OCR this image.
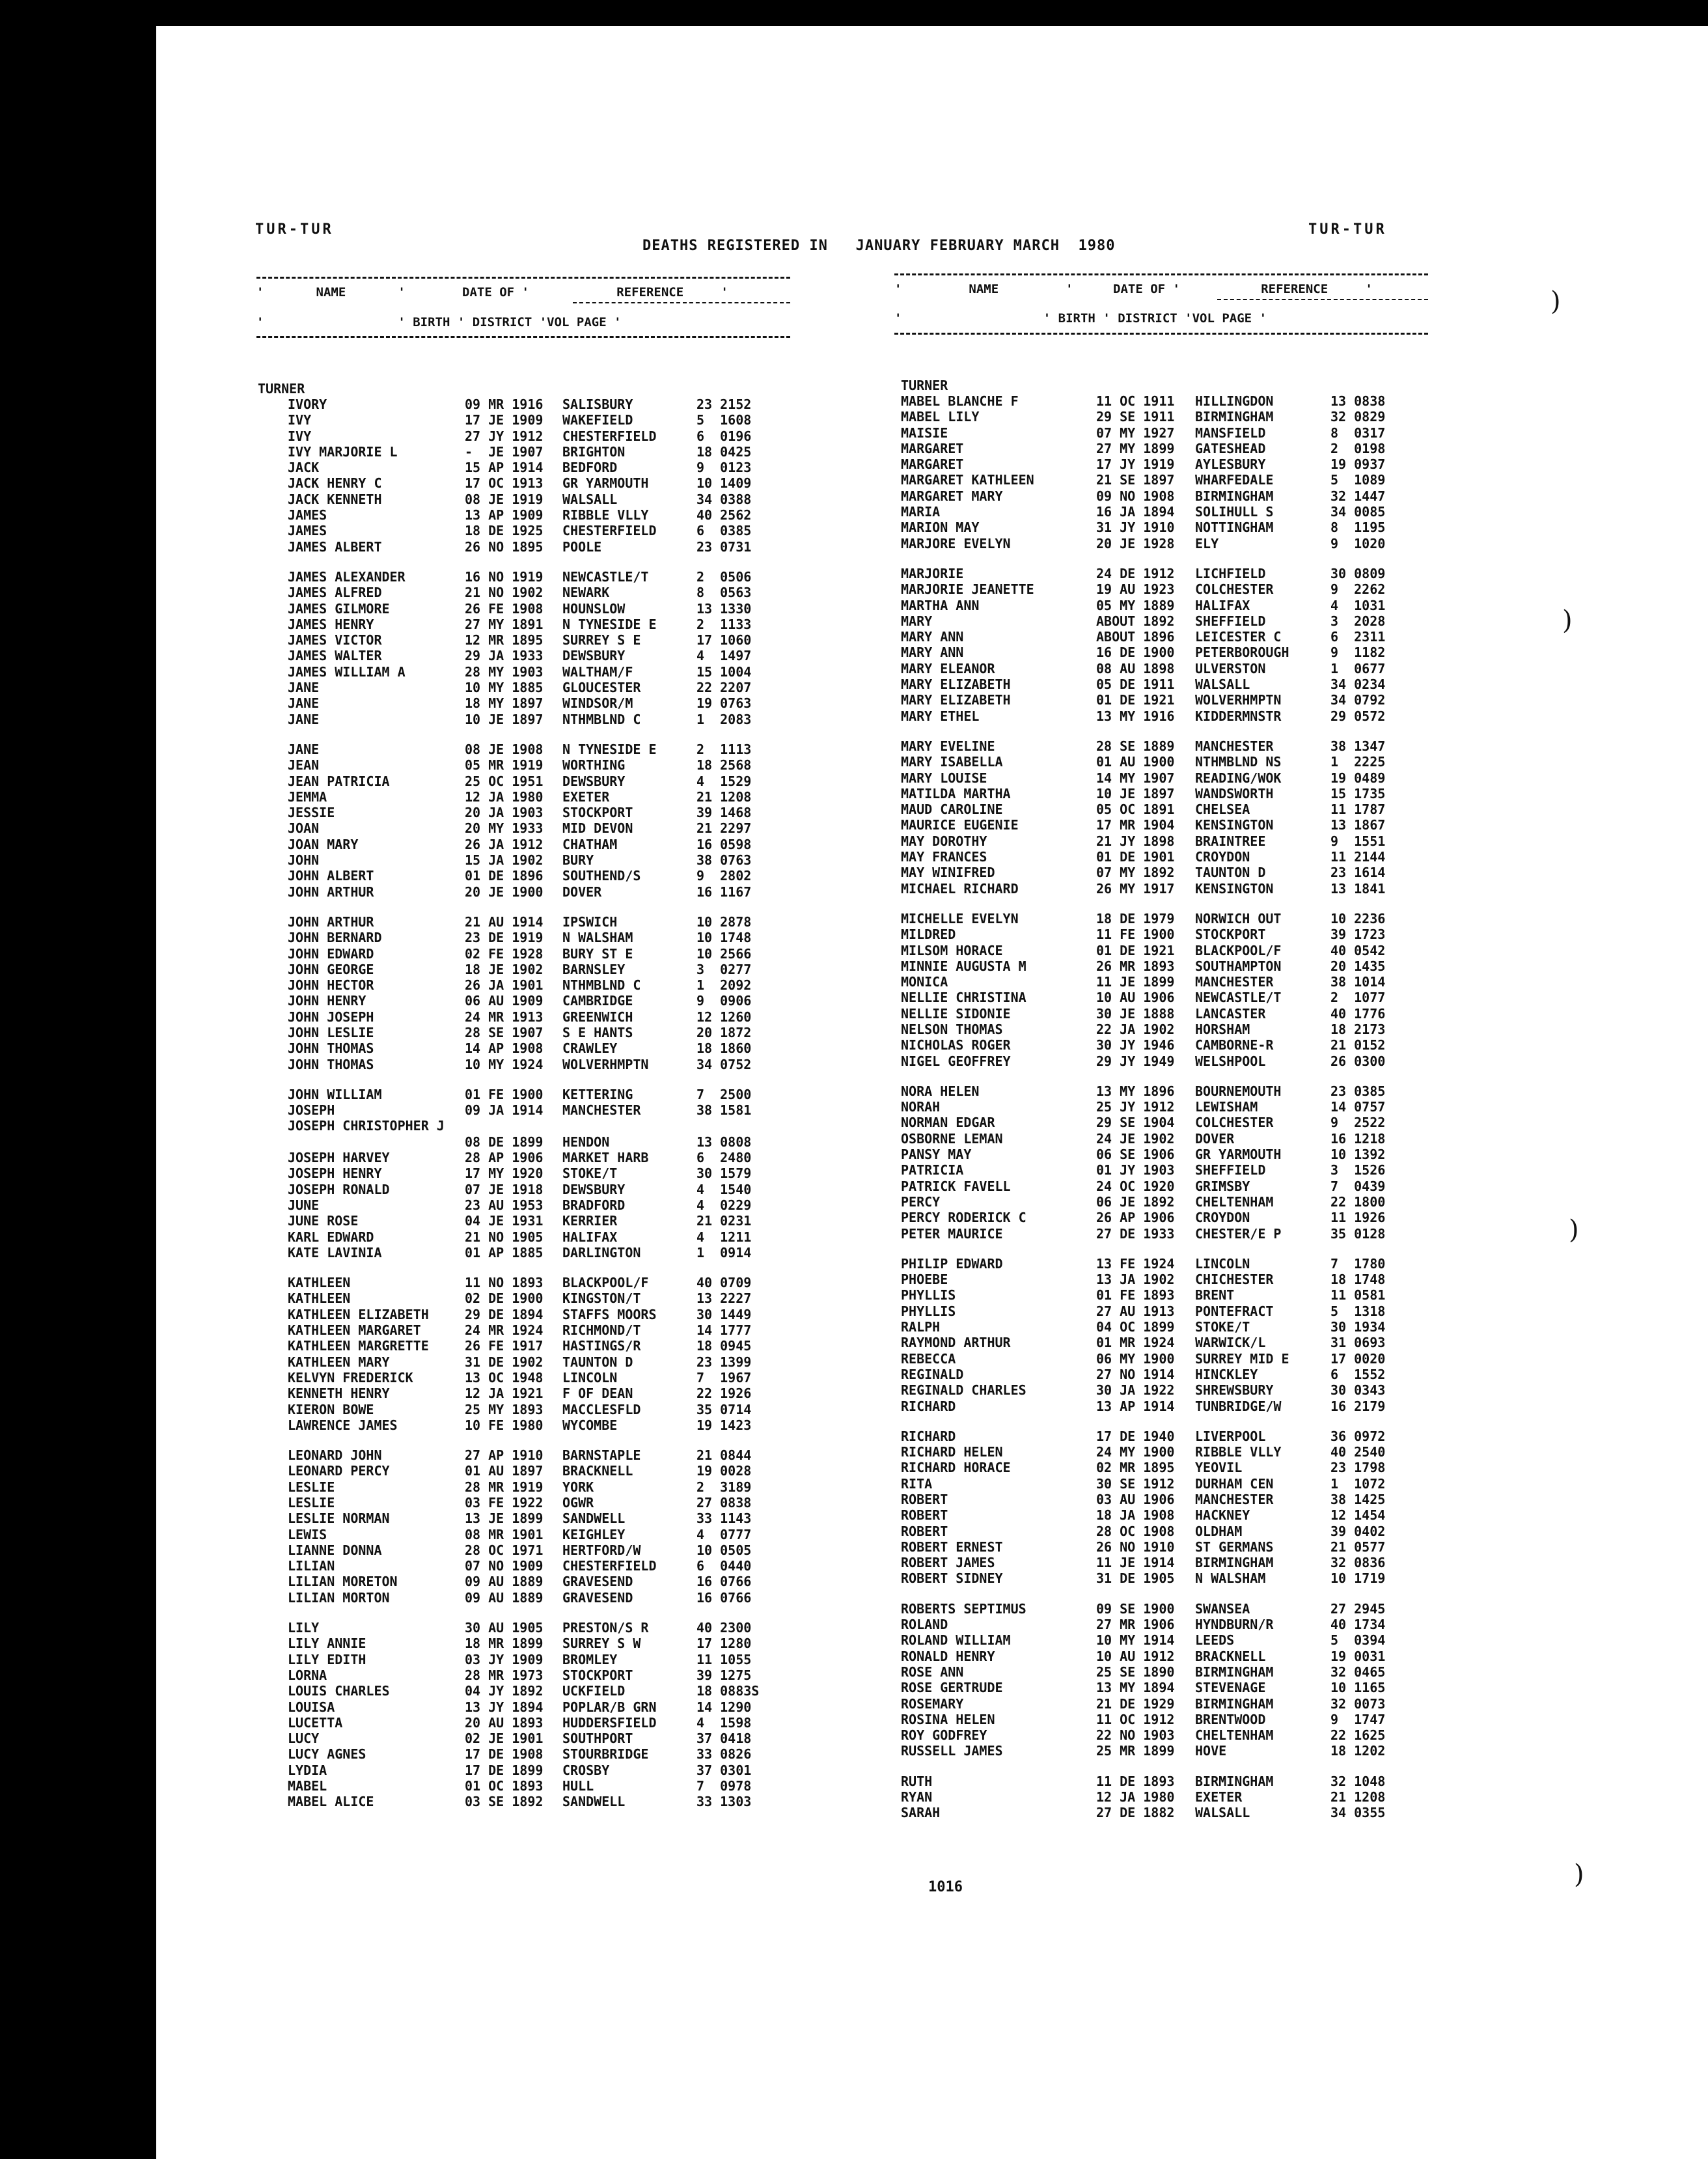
TUR-TUR

DEATHS REGISTERED IN JANUARY FEBRUARY MARCH 1980

TUR-TUR
'       NAME       '	DATE OF '	REFERENCE     '
'                  ' BIRTH ' DISTRICT 'VOL PAGE '
'         NAME         '	DATE OF '	REFERENCE     '
'                   ' BIRTH ' DISTRICT 'VOL PAGE '
TURNER
IVORY	09 MR 1916	SALISBURY	23 2152
IVY	17 JE 1909	WAKEFIELD	5  1608
IVY	27 JY 1912	CHESTERFIELD	6  0196
IVY MARJORIE L	-  JE 1907	BRIGHTON	18 0425
JACK	15 AP 1914	BEDFORD	9  0123
JACK HENRY C	17 OC 1913	GR YARMOUTH	10 1409
JACK KENNETH	08 JE 1919	WALSALL	34 0388
JAMES	13 AP 1909	RIBBLE VLLY	40 2562
JAMES	18 DE 1925	CHESTERFIELD	6  0385
JAMES ALBERT	26 NO 1895	POOLE	23 0731
JAMES ALEXANDER	16 NO 1919	NEWCASTLE/T	2  0506
JAMES ALFRED	21 NO 1902	NEWARK	8  0563
JAMES GILMORE	26 FE 1908	HOUNSLOW	13 1330
JAMES HENRY	27 MY 1891	N TYNESIDE E	2  1133
JAMES VICTOR	12 MR 1895	SURREY S E	17 1060
JAMES WALTER	29 JA 1933	DEWSBURY	4  1497
JAMES WILLIAM A	28 MY 1903	WALTHAM/F	15 1004
JANE	10 MY 1885	GLOUCESTER	22 2207
JANE	18 MY 1897	WINDSOR/M	19 0763
JANE	10 JE 1897	NTHMBLND C	1  2083
JANE	08 JE 1908	N TYNESIDE E	2  1113
JEAN	05 MR 1919	WORTHING	18 2568
JEAN PATRICIA	25 OC 1951	DEWSBURY	4  1529
JEMMA	12 JA 1980	EXETER	21 1208
JESSIE	20 JA 1903	STOCKPORT	39 1468
JOAN	20 MY 1933	MID DEVON	21 2297
JOAN MARY	26 JA 1912	CHATHAM	16 0598
JOHN	15 JA 1902	BURY	38 0763
JOHN ALBERT	01 DE 1896	SOUTHEND/S	9  2802
JOHN ARTHUR	20 JE 1900	DOVER	16 1167
JOHN ARTHUR	21 AU 1914	IPSWICH	10 2878
JOHN BERNARD	23 DE 1919	N WALSHAM	10 1748
JOHN EDWARD	02 FE 1928	BURY ST E	10 2566
JOHN GEORGE	18 JE 1902	BARNSLEY	3  0277
JOHN HECTOR	26 JA 1901	NTHMBLND C	1  2092
JOHN HENRY	06 AU 1909	CAMBRIDGE	9  0906
JOHN JOSEPH	24 MR 1913	GREENWICH	12 1260
JOHN LESLIE	28 SE 1907	S E HANTS	20 1872
JOHN THOMAS	14 AP 1908	CRAWLEY	18 1860
JOHN THOMAS	10 MY 1924	WOLVERHMPTN	34 0752
JOHN WILLIAM	01 FE 1900	KETTERING	7  2500
JOSEPH	09 JA 1914	MANCHESTER	38 1581
JOSEPH CHRISTOPHER J
08 DE 1899	HENDON	13 0808
JOSEPH HARVEY	28 AP 1906	MARKET HARB	6  2480
JOSEPH HENRY	17 MY 1920	STOKE/T	30 1579
JOSEPH RONALD	07 JE 1918	DEWSBURY	4  1540
JUNE	23 AU 1953	BRADFORD	4  0229
JUNE ROSE	04 JE 1931	KERRIER	21 0231
KARL EDWARD	21 NO 1905	HALIFAX	4  1211
KATE LAVINIA	01 AP 1885	DARLINGTON	1  0914
KATHLEEN	11 NO 1893	BLACKPOOL/F	40 0709
KATHLEEN	02 DE 1900	KINGSTON/T	13 2227
KATHLEEN ELIZABETH	29 DE 1894	STAFFS MOORS	30 1449
KATHLEEN MARGARET	24 MR 1924	RICHMOND/T	14 1777
KATHLEEN MARGRETTE	26 FE 1917	HASTINGS/R	18 0945
KATHLEEN MARY	31 DE 1902	TAUNTON D	23 1399
KELVYN FREDERICK	13 OC 1948	LINCOLN	7  1967
KENNETH HENRY	12 JA 1921	F OF DEAN	22 1926
KIERON BOWE	25 MY 1893	MACCLESFLD	35 0714
LAWRENCE JAMES	10 FE 1980	WYCOMBE	19 1423
LEONARD JOHN	27 AP 1910	BARNSTAPLE	21 0844
LEONARD PERCY	01 AU 1897	BRACKNELL	19 0028
LESLIE	28 MR 1919	YORK	2  3189
LESLIE	03 FE 1922	OGWR	27 0838
LESLIE NORMAN	13 JE 1899	SANDWELL	33 1143
LEWIS	08 MR 1901	KEIGHLEY	4  0777
LIANNE DONNA	28 OC 1971	HERTFORD/W	10 0505
LILIAN	07 NO 1909	CHESTERFIELD	6  0440
LILIAN MORETON	09 AU 1889	GRAVESEND	16 0766
LILIAN MORTON	09 AU 1889	GRAVESEND	16 0766
LILY	30 AU 1905	PRESTON/S R	40 2300
LILY ANNIE	18 MR 1899	SURREY S W	17 1280
LILY EDITH	03 JY 1909	BROMLEY	11 1055
LORNA	28 MR 1973	STOCKPORT	39 1275
LOUIS CHARLES	04 JY 1892	UCKFIELD	18 0883S
LOUISA	13 JY 1894	POPLAR/B GRN	14 1290
LUCETTA	20 AU 1893	HUDDERSFIELD	4  1598
LUCY	02 JE 1901	SOUTHPORT	37 0418
LUCY AGNES	17 DE 1908	STOURBRIDGE	33 0826
LYDIA	17 DE 1899	CROSBY	37 0301
MABEL	01 OC 1893	HULL	7  0978
MABEL ALICE	03 SE 1892	SANDWELL	33 1303
TURNER
MABEL BLANCHE F	11 OC 1911	HILLINGDON	13 0838
MABEL LILY	29 SE 1911	BIRMINGHAM	32 0829
MAISIE	07 MY 1927	MANSFIELD	8  0317
MARGARET	27 MY 1899	GATESHEAD	2  0198
MARGARET	17 JY 1919	AYLESBURY	19 0937
MARGARET KATHLEEN	21 SE 1897	WHARFEDALE	5  1089
MARGARET MARY	09 NO 1908	BIRMINGHAM	32 1447
MARIA	16 JA 1894	SOLIHULL S	34 0085
MARION MAY	31 JY 1910	NOTTINGHAM	8  1195
MARJORE EVELYN	20 JE 1928	ELY	9  1020
MARJORIE	24 DE 1912	LICHFIELD	30 0809
MARJORIE JEANETTE	19 AU 1923	COLCHESTER	9  2262
MARTHA ANN	05 MY 1889	HALIFAX	4  1031
MARY	ABOUT 1892	SHEFFIELD	3  2028
MARY ANN	ABOUT 1896	LEICESTER C	6  2311
MARY ANN	16 DE 1900	PETERBOROUGH	9  1182
MARY ELEANOR	08 AU 1898	ULVERSTON	1  0677
MARY ELIZABETH	05 DE 1911	WALSALL	34 0234
MARY ELIZABETH	01 DE 1921	WOLVERHMPTN	34 0792
MARY ETHEL	13 MY 1916	KIDDERMNSTR	29 0572
MARY EVELINE	28 SE 1889	MANCHESTER	38 1347
MARY ISABELLA	01 AU 1900	NTHMBLND NS	1  2225
MARY LOUISE	14 MY 1907	READING/WOK	19 0489
MATILDA MARTHA	10 JE 1897	WANDSWORTH	15 1735
MAUD CAROLINE	05 OC 1891	CHELSEA	11 1787
MAURICE EUGENIE	17 MR 1904	KENSINGTON	13 1867
MAY DOROTHY	21 JY 1898	BRAINTREE	9  1551
MAY FRANCES	01 DE 1901	CROYDON	11 2144
MAY WINIFRED	07 MY 1892	TAUNTON D	23 1614
MICHAEL RICHARD	26 MY 1917	KENSINGTON	13 1841
MICHELLE EVELYN	18 DE 1979	NORWICH OUT	10 2236
MILDRED	11 FE 1900	STOCKPORT	39 1723
MILSOM HORACE	01 DE 1921	BLACKPOOL/F	40 0542
MINNIE AUGUSTA M	26 MR 1893	SOUTHAMPTON	20 1435
MONICA	11 JE 1899	MANCHESTER	38 1014
NELLIE CHRISTINA	10 AU 1906	NEWCASTLE/T	2  1077
NELLIE SIDONIE	30 JE 1888	LANCASTER	40 1776
NELSON THOMAS	22 JA 1902	HORSHAM	18 2173
NICHOLAS ROGER	30 JY 1946	CAMBORNE-R	21 0152
NIGEL GEOFFREY	29 JY 1949	WELSHPOOL	26 0300
NORA HELEN	13 MY 1896	BOURNEMOUTH	23 0385
NORAH	25 JY 1912	LEWISHAM	14 0757
NORMAN EDGAR	29 SE 1904	COLCHESTER	9  2522
OSBORNE LEMAN	24 JE 1902	DOVER	16 1218
PANSY MAY	06 SE 1906	GR YARMOUTH	10 1392
PATRICIA	01 JY 1903	SHEFFIELD	3  1526
PATRICK FAVELL	24 OC 1920	GRIMSBY	7  0439
PERCY	06 JE 1892	CHELTENHAM	22 1800
PERCY RODERICK C	26 AP 1906	CROYDON	11 1926
PETER MAURICE	27 DE 1933	CHESTER/E P	35 0128
PHILIP EDWARD	13 FE 1924	LINCOLN	7  1780
PHOEBE	13 JA 1902	CHICHESTER	18 1748
PHYLLIS	01 FE 1893	BRENT	11 0581
PHYLLIS	27 AU 1913	PONTEFRACT	5  1318
RALPH	04 OC 1899	STOKE/T	30 1934
RAYMOND ARTHUR	01 MR 1924	WARWICK/L	31 0693
REBECCA	06 MY 1900	SURREY MID E	17 0020
REGINALD	27 NO 1914	HINCKLEY	6  1552
REGINALD CHARLES	30 JA 1922	SHREWSBURY	30 0343
RICHARD	13 AP 1914	TUNBRIDGE/W	16 2179
RICHARD	17 DE 1940	LIVERPOOL	36 0972
RICHARD HELEN	24 MY 1900	RIBBLE VLLY	40 2540
RICHARD HORACE	02 MR 1895	YEOVIL	23 1798
RITA	30 SE 1912	DURHAM CEN	1  1072
ROBERT	03 AU 1906	MANCHESTER	38 1425
ROBERT	18 JA 1908	HACKNEY	12 1454
ROBERT	28 OC 1908	OLDHAM	39 0402
ROBERT ERNEST	26 NO 1910	ST GERMANS	21 0577
ROBERT JAMES	11 JE 1914	BIRMINGHAM	32 0836
ROBERT SIDNEY	31 DE 1905	N WALSHAM	10 1719
ROBERTS SEPTIMUS	09 SE 1900	SWANSEA	27 2945
ROLAND	27 MR 1906	HYNDBURN/R	40 1734
ROLAND WILLIAM	10 MY 1914	LEEDS	5  0394
RONALD HENRY	10 AU 1912	BRACKNELL	19 0031
ROSE ANN	25 SE 1890	BIRMINGHAM	32 0465
ROSE GERTRUDE	13 MY 1894	STEVENAGE	10 1165
ROSEMARY	21 DE 1929	BIRMINGHAM	32 0073
ROSINA HELEN	11 OC 1912	BRENTWOOD	9  1747
ROY GODFREY	22 NO 1903	CHELTENHAM	22 1625
RUSSELL JAMES	25 MR 1899	HOVE	18 1202
RUTH	11 DE 1893	BIRMINGHAM	32 1048
RYAN	12 JA 1980	EXETER	21 1208
SARAH	27 DE 1882	WALSALL	34 0355
)
)
)
)
1016
